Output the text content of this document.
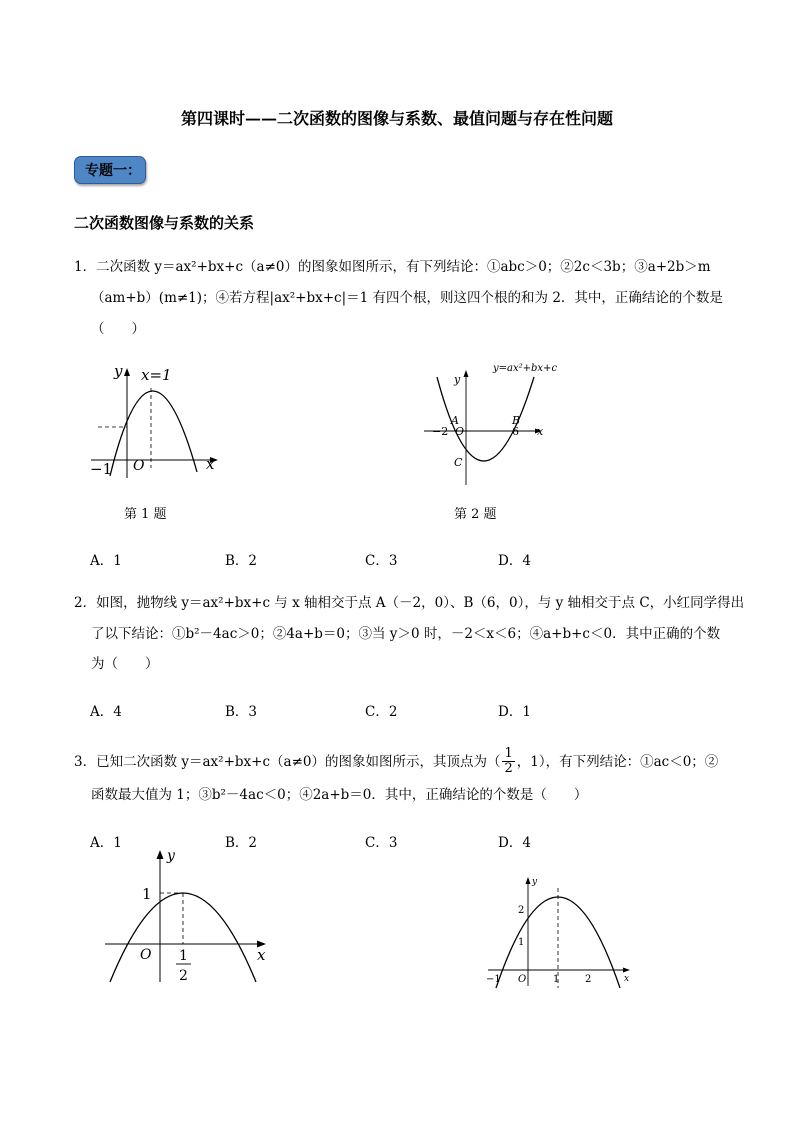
第四课时——二次函数的图像与系数、最值问题与存在性问题
专题一：
二次函数图像与系数的关系
1．二次函数 y＝ax²+bx+c（a≠0）的图象如图所示，有下列结论：①abc＞0；②2c＜3b；③a+2b＞m
（am+b）(m≠1)；④若方程|ax²+bx+c|＝1 有四个根，则这四个根的和为 2．其中，正确结论的个数是
（　　）
y x=1
x
O
−1
第 1 题
y=ax²+bx+c
y
x
A	B
C
O
−2	6
第 2 题
A．1	B．2	C．3	D．4
2．如图，抛物线 y＝ax²+bx+c 与 x 轴相交于点 A（－2，0）、B（6，0），与 y 轴相交于点 C，小红同学得出
了以下结论：①b²－4ac＞0；②4a+b＝0；③当 y＞0 时，－2＜x＜6；④a+b+c＜0．其中正确的个数
为（　　）
A．4	B．3	C．2	D．1
3．已知二次函数 y＝ax²+bx+c（a≠0）的图象如图所示，其顶点为（ $\frac{1}{2}$ ，1），有下列结论：①ac＜0；②
函数最大值为 1；③b²－4ac＜0；④2a+b＝0．其中，正确结论的个数是（　　）
A．1	B．2	C．3	D．4
y
x
O
1
1
2
y
x
O
−1	1	2
1
2
